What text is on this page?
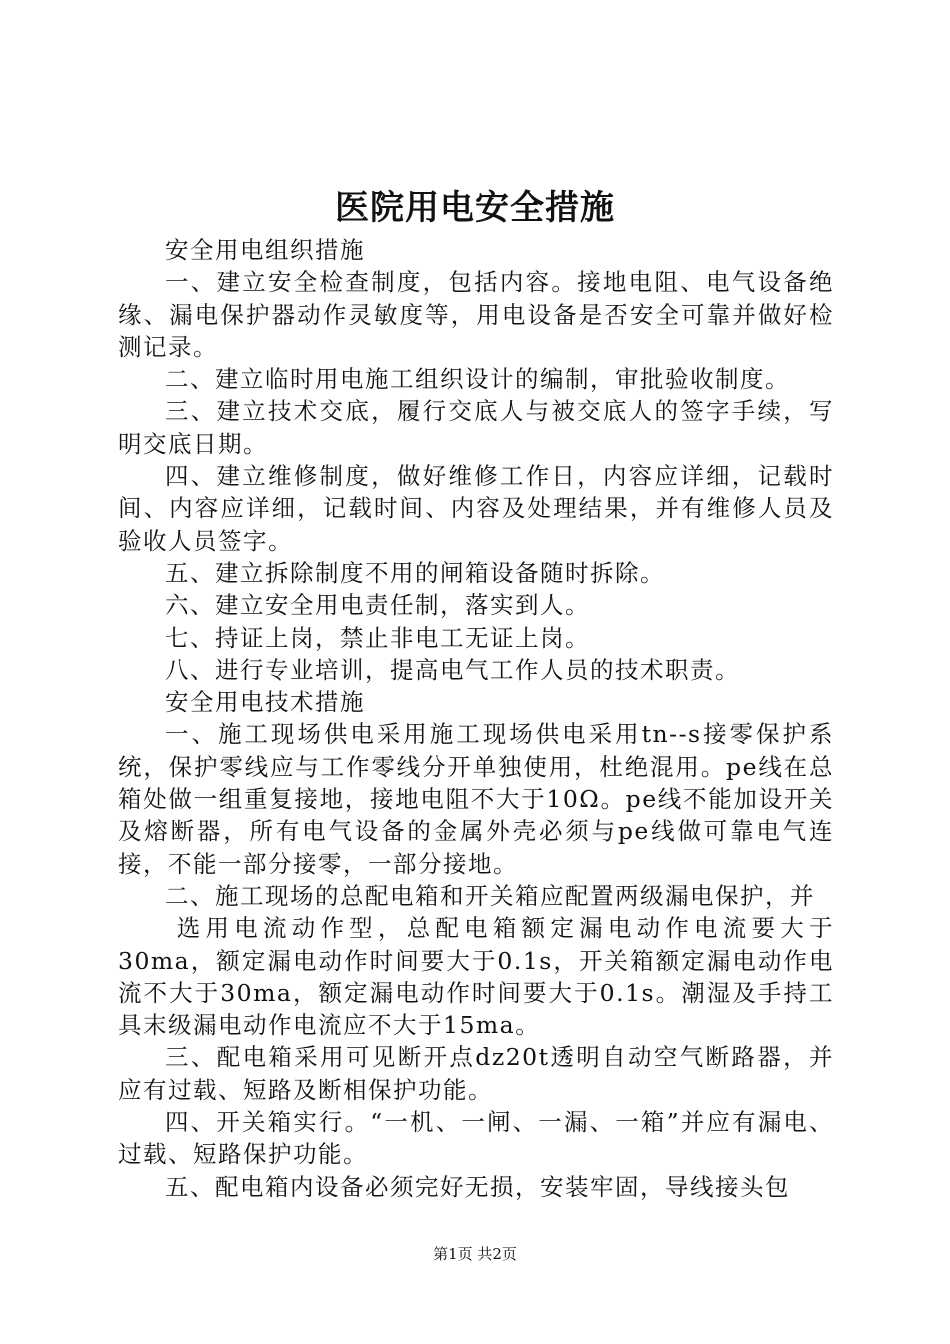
医院用电安全措施

安全用电组织措施

一、建立安全检查制度，包括内容。接地电阻、电气设备绝缘、漏电保护器动作灵敏度等，用电设备是否安全可靠并做好检测记录。

二、建立临时用电施工组织设计的编制，审批验收制度。

三、建立技术交底，履行交底人与被交底人的签字手续，写明交底日期。

四、建立维修制度，做好维修工作日，内容应详细，记载时间、内容应详细，记载时间、内容及处理结果，并有维修人员及验收人员签字。

五、建立拆除制度不用的闸箱设备随时拆除。

六、建立安全用电责任制，落实到人。

七、持证上岗，禁止非电工无证上岗。

八、进行专业培训，提高电气工作人员的技术职责。

安全用电技术措施

一、施工现场供电采用施工现场供电采用tn--s接零保护系统，保护零线应与工作零线分开单独使用，杜绝混用。pe线在总箱处做一组重复接地，接地电阻不大于10Ω。pe线不能加设开关及熔断器，所有电气设备的金属外壳必须与pe线做可靠电气连接，不能一部分接零，一部分接地。

二、施工现场的总配电箱和开关箱应配置两级漏电保护，并

选用电流动作型，总配电箱额定漏电动作电流要大于30ma，额定漏电动作时间要大于0.1s，开关箱额定漏电动作电流不大于30ma，额定漏电动作时间要大于0.1s。潮湿及手持工具末级漏电动作电流应不大于15ma。

三、配电箱采用可见断开点dz20t透明自动空气断路器，并应有过载、短路及断相保护功能。

四、开关箱实行。“一机、一闸、一漏、一箱”并应有漏电、过载、短路保护功能。

五、配电箱内设备必须完好无损，安装牢固，导线接头包

第1页 共2页
